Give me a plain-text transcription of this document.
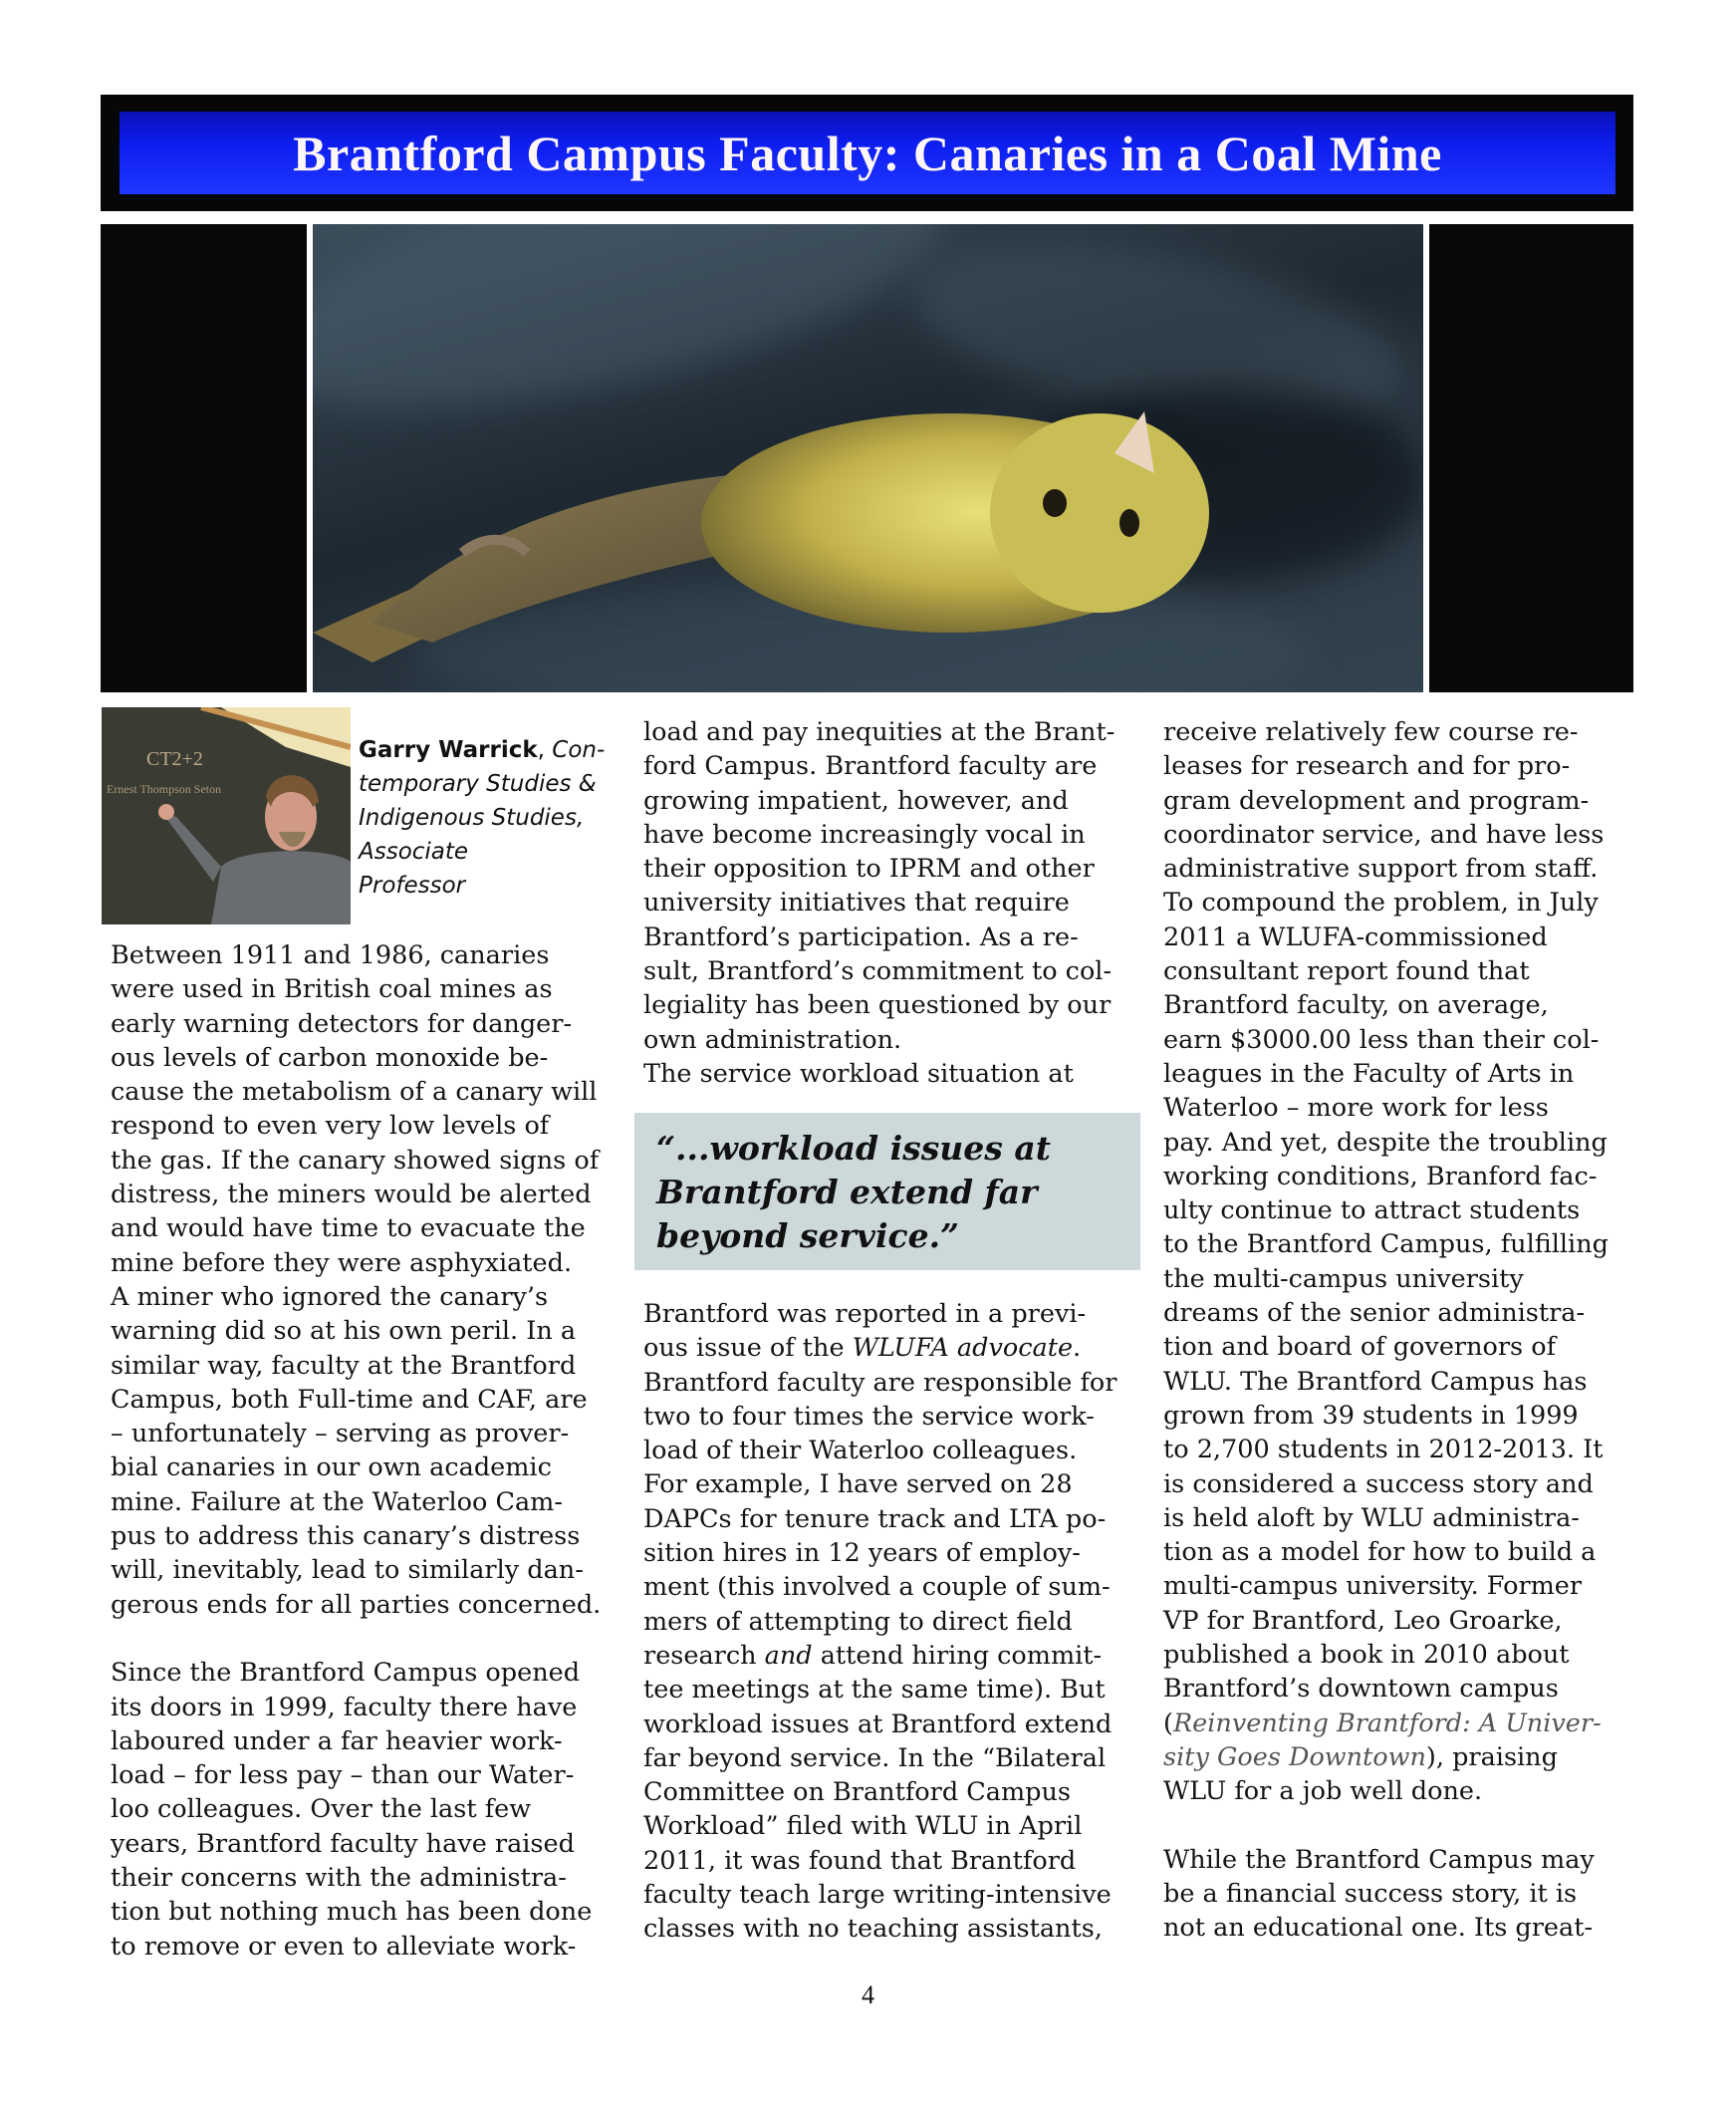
Brantford Campus Faculty: Canaries in a Coal Mine
CT2+2
Ernest Thompson Seton
Garry Warrick, Con-
temporary Studies &
Indigenous Studies,
Associate
Professor

Between 1911 and 1986, canaries

were used in British coal mines as

early warning detectors for danger-

ous levels of carbon monoxide be-

cause the metabolism of a canary will

respond to even very low levels of

the gas. If the canary showed signs of

distress, the miners would be alerted

and would have time to evacuate the

mine before they were asphyxiated.

A miner who ignored the canary’s

warning did so at his own peril. In a

similar way, faculty at the Brantford

Campus, both Full-time and CAF, are

– unfortunately – serving as prover-

bial canaries in our own academic

mine. Failure at the Waterloo Cam-

pus to address this canary’s distress

will, inevitably, lead to similarly dan-

gerous ends for all parties concerned.

Since the Brantford Campus opened

its doors in 1999, faculty there have

laboured under a far heavier work-

load – for less pay – than our Water-

loo colleagues. Over the last few

years, Brantford faculty have raised

their concerns with the administra-

tion but nothing much has been done

to remove or even to alleviate work-

load and pay inequities at the Brant-

ford Campus. Brantford faculty are

growing impatient, however, and

have become increasingly vocal in

their opposition to IPRM and other

university initiatives that require

Brantford’s participation. As a re-

sult, Brantford’s commitment to col-

legiality has been questioned by our

own administration.

The service workload situation at

“...workload issues at

Brantford extend far

beyond service.”

Brantford was reported in a previ-

ous issue of the WLUFA advocate.

Brantford faculty are responsible for

two to four times the service work-

load of their Waterloo colleagues.

For example, I have served on 28

DAPCs for tenure track and LTA po-

sition hires in 12 years of employ-

ment (this involved a couple of sum-

mers of attempting to direct field

research and attend hiring commit-

tee meetings at the same time). But

workload issues at Brantford extend

far beyond service. In the “Bilateral

Committee on Brantford Campus

Workload” filed with WLU in April

2011, it was found that Brantford

faculty teach large writing-intensive

classes with no teaching assistants,

receive relatively few course re-

leases for research and for pro-

gram development and program-

coordinator service, and have less

administrative support from staff.

To compound the problem, in July

2011 a WLUFA-commissioned

consultant report found that

Brantford faculty, on average,

earn $3000.00 less than their col-

leagues in the Faculty of Arts in

Waterloo – more work for less

pay. And yet, despite the troubling

working conditions, Branford fac-

ulty continue to attract students

to the Brantford Campus, fulfilling

the multi-campus university

dreams of the senior administra-

tion and board of governors of

WLU. The Brantford Campus has

grown from 39 students in 1999

to 2,700 students in 2012-2013. It

is considered a success story and

is held aloft by WLU administra-

tion as a model for how to build a

multi-campus university. Former

VP for Brantford, Leo Groarke,

published a book in 2010 about

Brantford’s downtown campus

(Reinventing Brantford: A Univer-

sity Goes Downtown), praising

WLU for a job well done.

While the Brantford Campus may

be a financial success story, it is

not an educational one. Its great-

4
